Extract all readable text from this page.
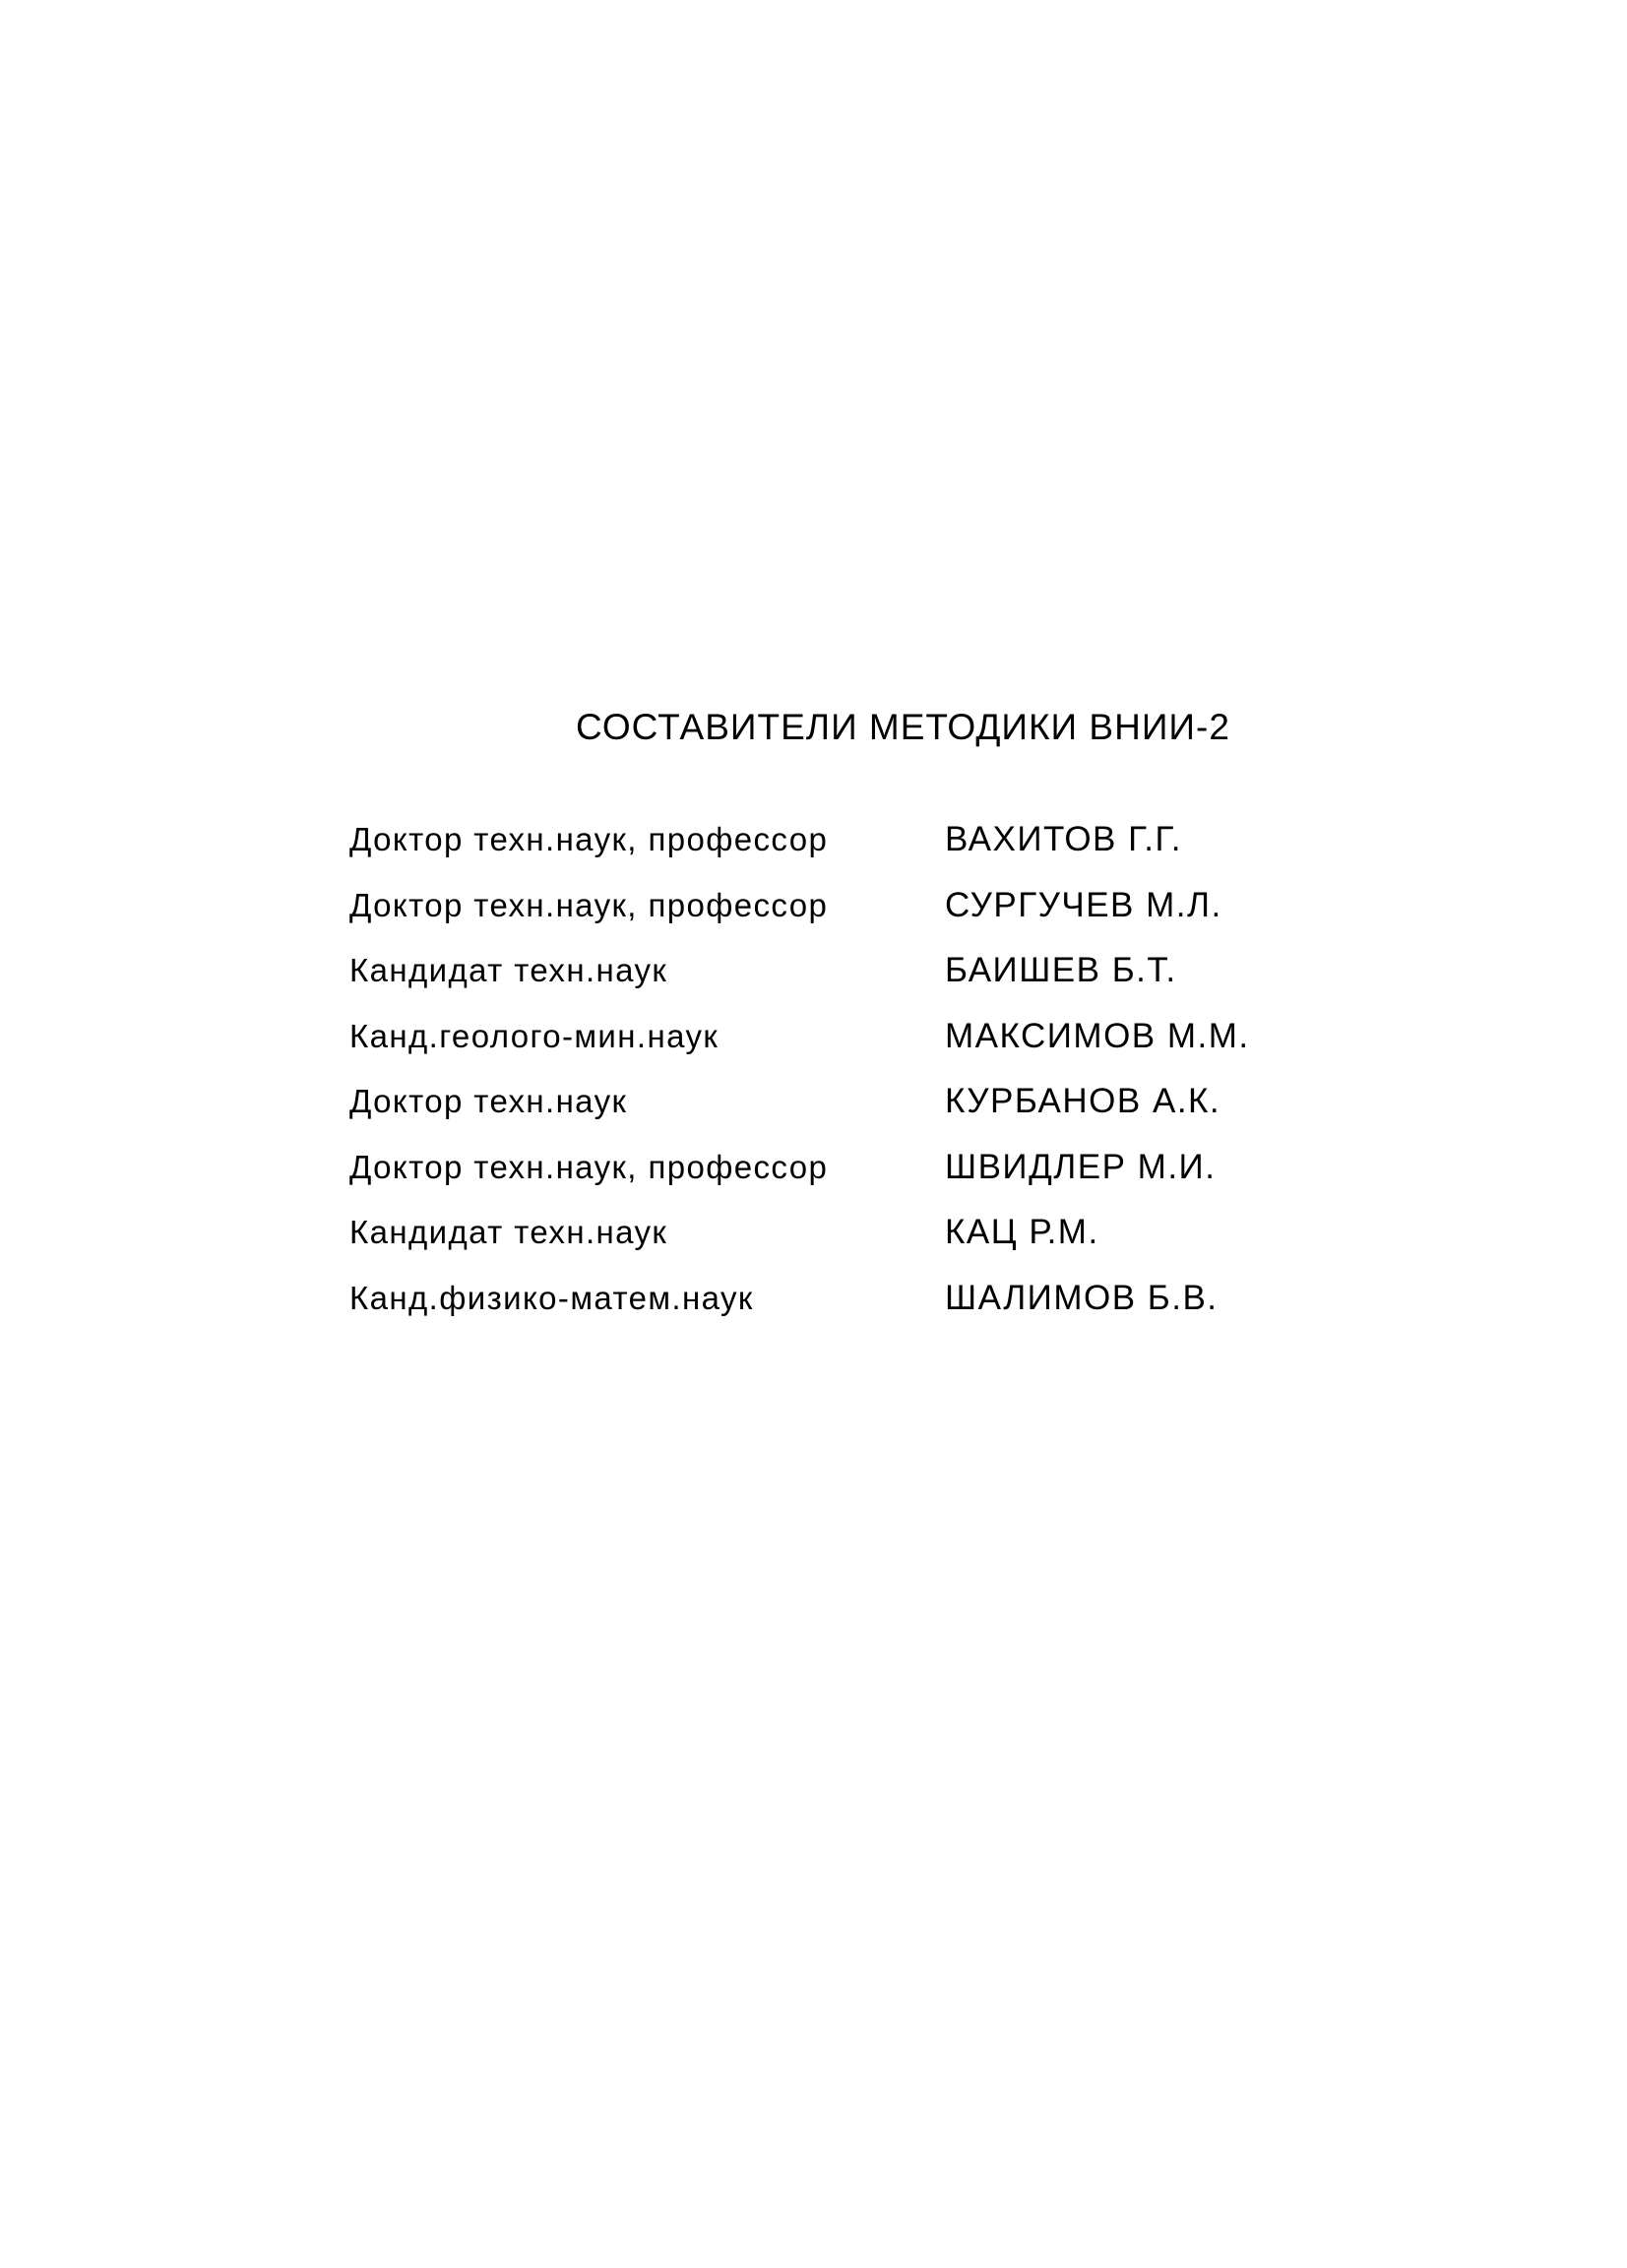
СОСТАВИТЕЛИ МЕТОДИКИ ВНИИ-2
Доктор техн.наук, профессор	ВАХИТОВ Г.Г.
Доктор техн.наук, профессор	СУРГУЧЕВ М.Л.
Кандидат техн.наук	БАИШЕВ Б.Т.
Канд.геолого-мин.наук	МАКСИМОВ М.М.
Доктор техн.наук	КУРБАНОВ А.К.
Доктор техн.наук, профессор	ШВИДЛЕР М.И.
Кандидат техн.наук	КАЦ Р.М.
Канд.физико-матем.наук	ШАЛИМОВ Б.В.
